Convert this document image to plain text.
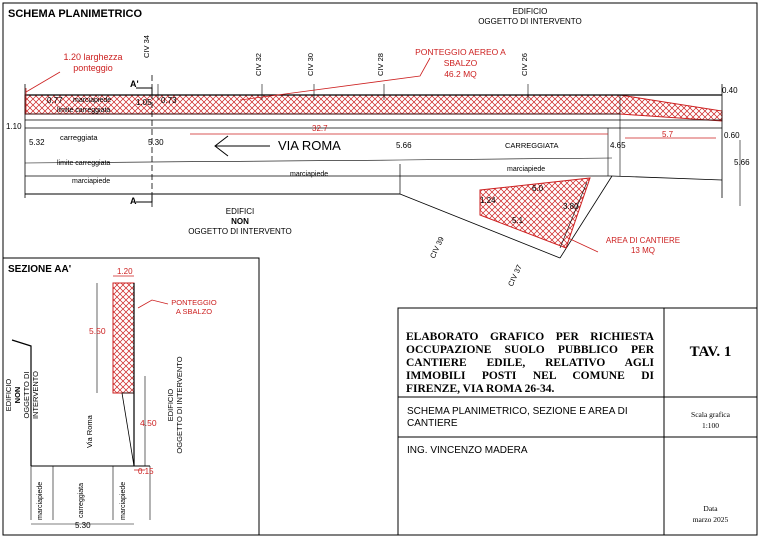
SCHEMA PLANIMETRICO	EDIFICIO
OGGETTO DI INTERVENTO
EDIFICI
NON
OGGETTO DI INTERVENTO
1.20 larghezza
ponteggio
PONTEGGIO AEREO A SBALZO
46.2 MQ
AREA DI CANTIERE
13 MQ
VIA ROMA
CIV 34
CIV 32	CIV 30	CIV 28	CIV 26
CIV 39
CIV 37
A'
A
marciapiede
limite carreggiata
carreggiata
CARREGGIATA
limite carreggiata
marciapiede
marciapiede
marciapiede
0.77	1.05 0.73
1.10
5.32	5.30	5.66	4.65
0.40
0.60
5.66
32.7
5.7
6.0
1.24
5.1
3.80
SEZIONE AA'
EDIFICIO NON OGGETTO DI INTERVENTO	EDIFICIO OGGETTO DI INTERVENTO
Via Roma
PONTEGGIO
A SBALZO
marciapiede	carreggiata	marciapiede
1.20
5.50
4.50
0.15
5.30
ELABORATO GRAFICO PER RICHIESTA OCCUPAZIONE SUOLO PUBBLICO PER CANTIERE EDILE, RELATIVO AGLI IMMOBILI POSTI NEL COMUNE DI FIRENZE, VIA ROMA 26-34.
TAV. 1
SCHEMA PLANIMETRICO, SEZIONE E AREA DI CANTIERE
Scala grafica
1:100
ING. VINCENZO MADERA
Data
marzo 2025
